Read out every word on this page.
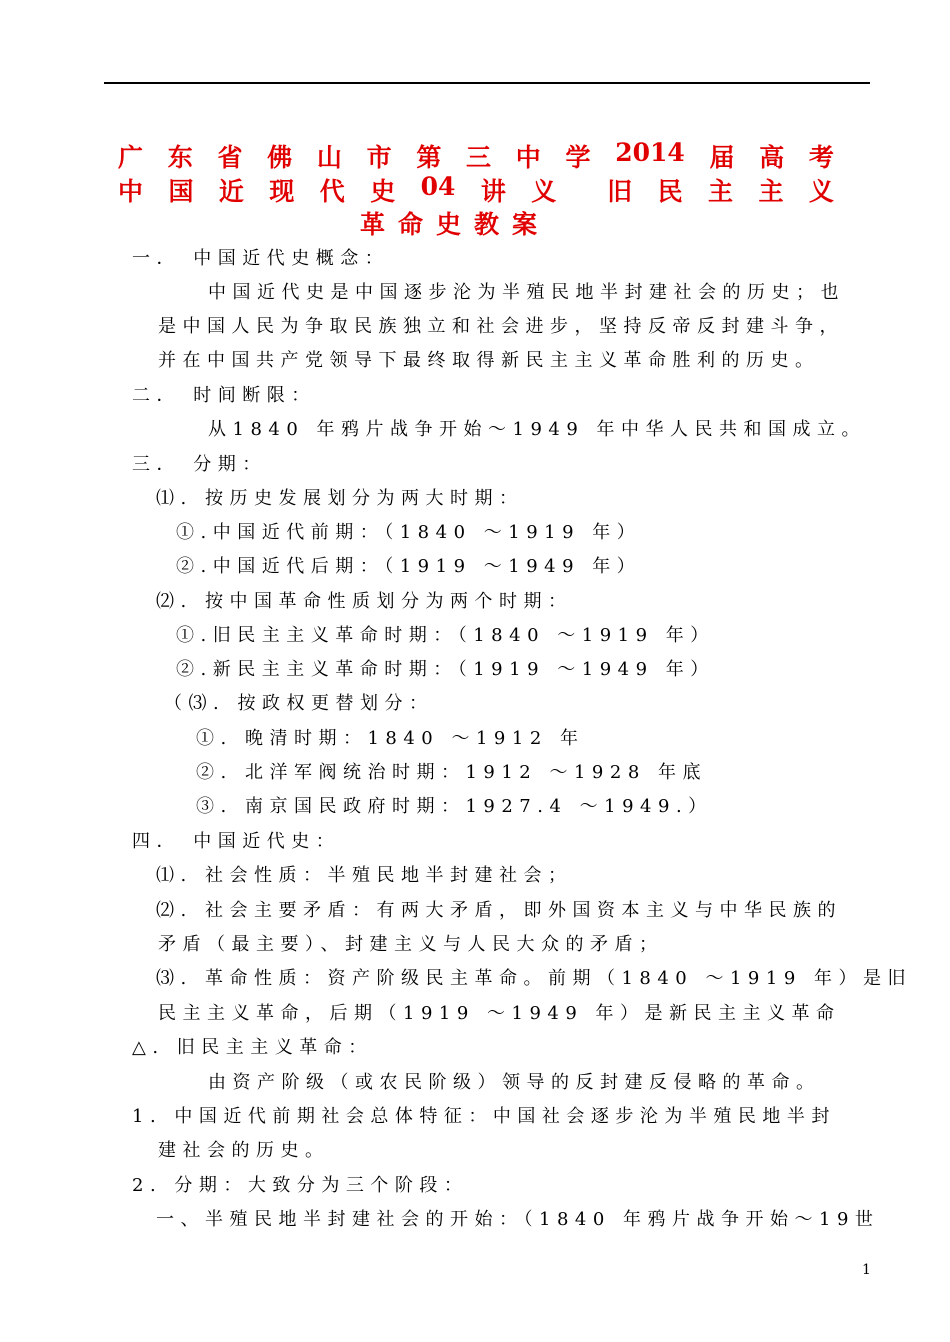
广 东 省 佛 山 市 第 三 中 学 2014 届 高 考
中 国 近 现 代 史 04 讲 义 旧 民 主 主 义
革命史教案
一． 中国近代史概念：
中国近代史是中国逐步沦为半殖民地半封建社会的历史；也
是中国人民为争取民族独立和社会进步，坚持反帝反封建斗争，
并在中国共产党领导下最终取得新民主主义革命胜利的历史。
二． 时间断限：
从1840 年鸦片战争开始～1949 年中华人民共和国成立。
三． 分期：
⑴. 按历史发展划分为两大时期：
①.中国近代前期：（1840 ～1919 年）
②.中国近代后期：（1919 ～1949 年）
⑵. 按中国革命性质划分为两个时期：
①.旧民主主义革命时期：（1840 ～1919 年）
②.新民主主义革命时期：（1919 ～1949 年）
（⑶. 按政权更替划分：
①. 晚清时期：1840 ～1912 年
②. 北洋军阀统治时期：1912 ～1928 年底
③. 南京国民政府时期：1927.4 ～1949.）
四． 中国近代史：
⑴. 社会性质：半殖民地半封建社会；
⑵. 社会主要矛盾：有两大矛盾，即外国资本主义与中华民族的
矛盾（最主要）、封建主义与人民大众的矛盾；
⑶. 革命性质：资产阶级民主革命。前期（1840 ～1919 年）是旧
民主主义革命，后期（1919 ～1949 年）是新民主主义革命
△. 旧民主主义革命：
由资产阶级（或农民阶级）领导的反封建反侵略的革命。
1. 中国近代前期社会总体特征：中国社会逐步沦为半殖民地半封
建社会的历史。
2. 分期：大致分为三个阶段：
一、半殖民地半封建社会的开始：（1840 年鸦片战争开始～19世
1
